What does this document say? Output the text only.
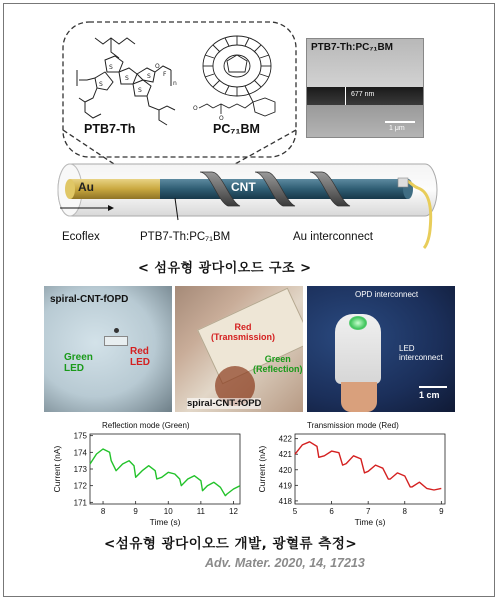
S
S
S
S
S
O
F
n
PTB7-Th
O
O
PC₇₁BM
PTB7-Th:PC₇₁BM
677 nm
1 μm
Au	CNT
Ecoflex	PTB7-Th:PC₇₁BM	Au interconnect
< 섬유형 광다이오드 구조 >
spiral-CNT-fOPD
Green
LED
Red
LED
Red
(Transmission)
Green
(Reflection)
spiral-CNT-fOPD
OPD interconnect
LED
interconnect
1 cm
Reflection mode (Green)
8	9	10	11	12
171
172
173
174
175
Time (s)
Current (nA)
Transmission mode (Red)
5	6	7	8	9
418
419
420
421
422
Time (s)
Current (nA)
<섬유형 광다이오드 개발, 광혈류 측정>
Adv. Mater. 2020, 14, 17213
